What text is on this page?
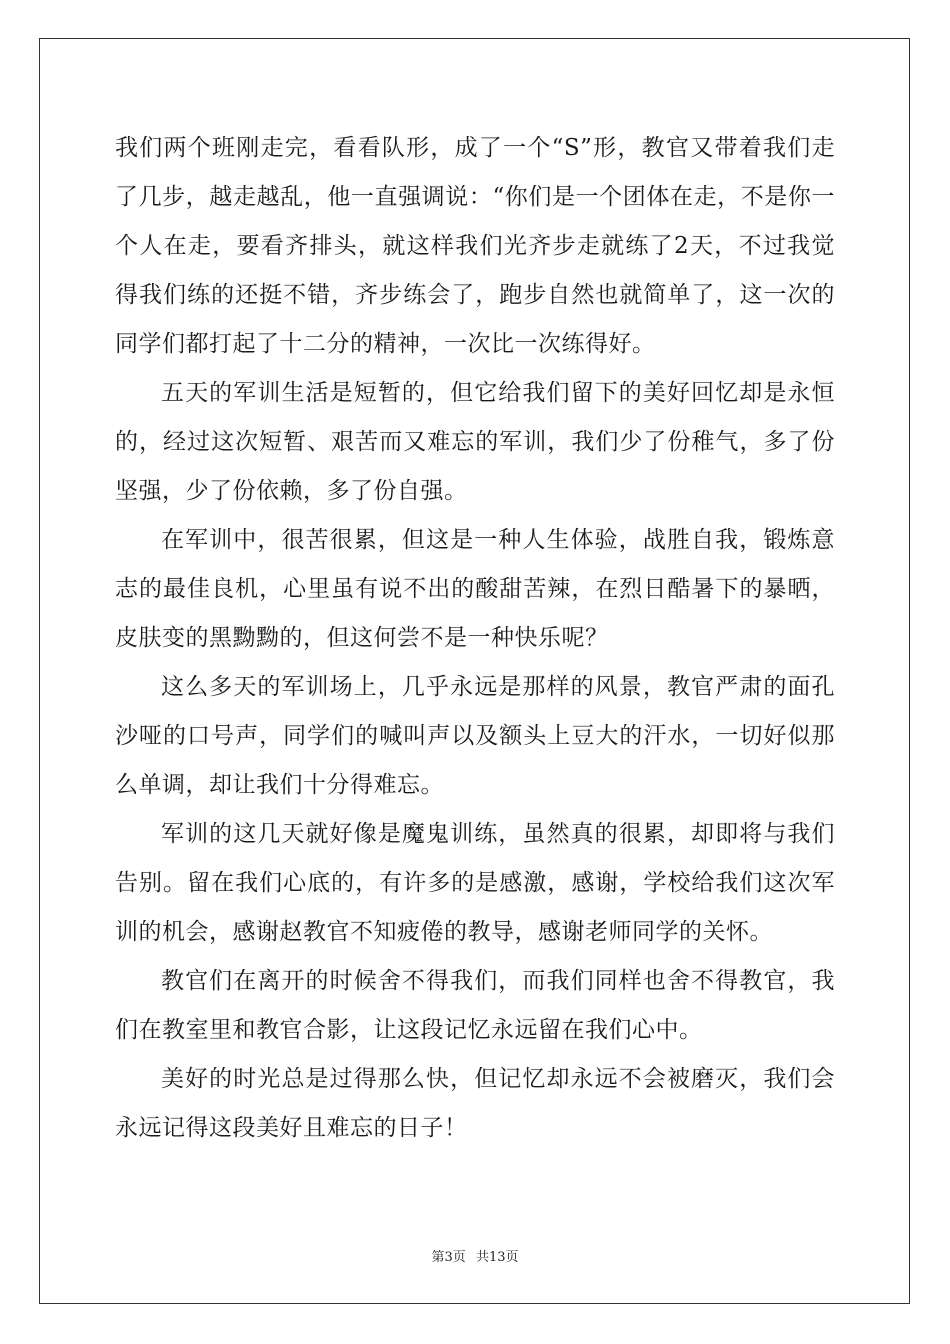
我们两个班刚走完，看看队形，成了一个“S”形，教官又带着我们走了几步，越走越乱，他一直强调说：“你们是一个团体在走，不是你一个人在走，要看齐排头，就这样我们光齐步走就练了2天，不过我觉得我们练的还挺不错，齐步练会了，跑步自然也就简单了，这一次的同学们都打起了十二分的精神，一次比一次练得好。

五天的军训生活是短暂的，但它给我们留下的美好回忆却是永恒的，经过这次短暂、艰苦而又难忘的军训，我们少了份稚气，多了份坚强，少了份依赖，多了份自强。

在军训中，很苦很累，但这是一种人生体验，战胜自我，锻炼意志的最佳良机，心里虽有说不出的酸甜苦辣，在烈日酷暑下的暴晒，皮肤变的黑黝黝的，但这何尝不是一种快乐呢？

这么多天的军训场上，几乎永远是那样的风景，教官严肃的面孔沙哑的口号声，同学们的喊叫声以及额头上豆大的汗水，一切好似那么单调，却让我们十分得难忘。

军训的这几天就好像是魔鬼训练，虽然真的很累，却即将与我们告别。留在我们心底的，有许多的是感激，感谢，学校给我们这次军训的机会，感谢赵教官不知疲倦的教导，感谢老师同学的关怀。

教官们在离开的时候舍不得我们，而我们同样也舍不得教官，我们在教室里和教官合影，让这段记忆永远留在我们心中。

美好的时光总是过得那么快，但记忆却永远不会被磨灭，我们会永远记得这段美好且难忘的日子！

第3页 共13页
